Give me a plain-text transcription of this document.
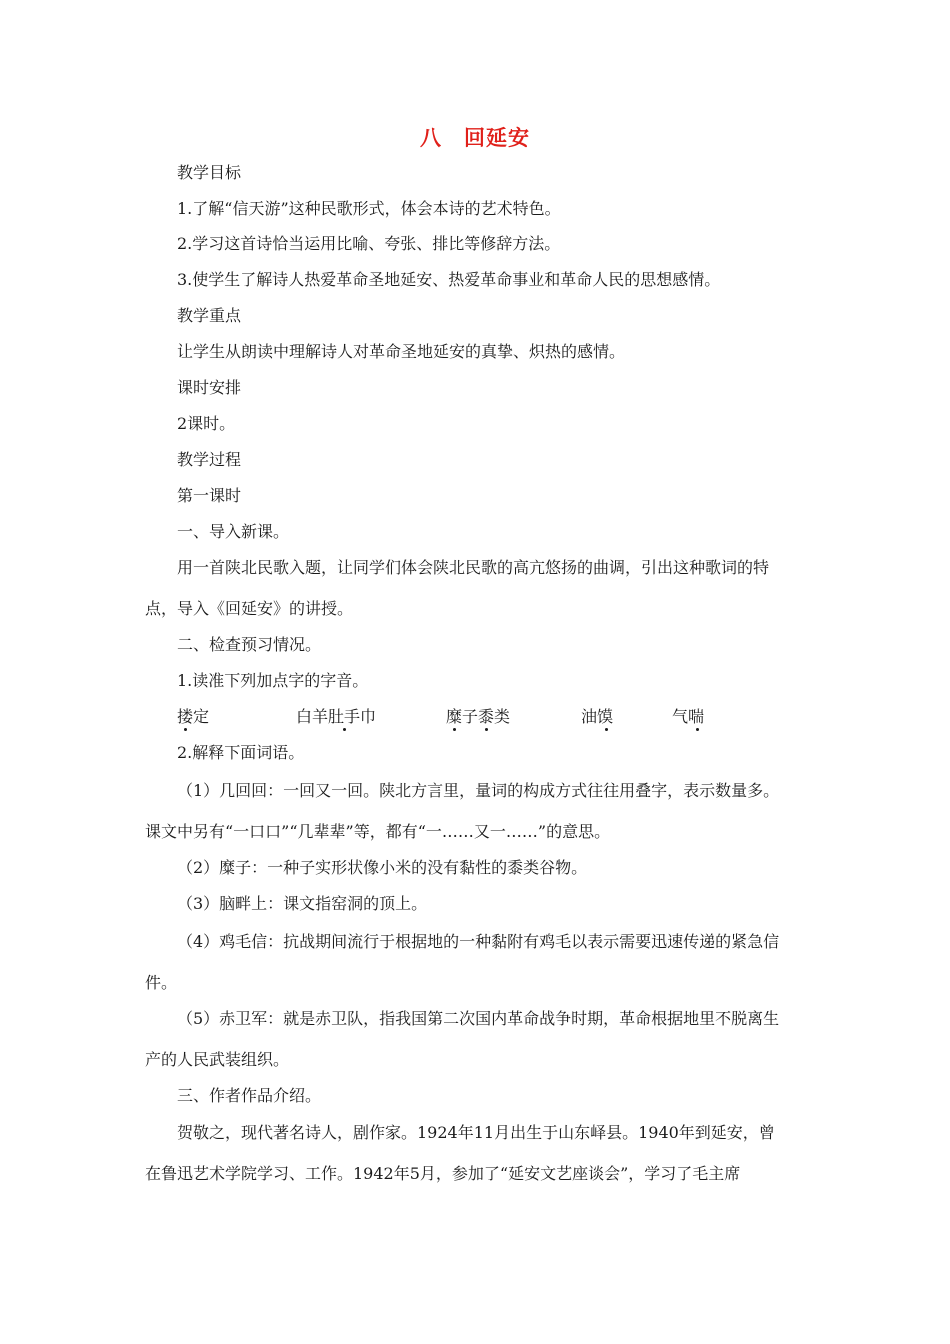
八　回延安
教学目标
1.了解“信天游”这种民歌形式，体会本诗的艺术特色。
2.学习这首诗恰当运用比喻、夸张、排比等修辞方法。
3.使学生了解诗人热爱革命圣地延安、热爱革命事业和革命人民的思想感情。
教学重点
让学生从朗读中理解诗人对革命圣地延安的真挚、炽热的感情。
课时安排
2课时。
教学过程
第一课时
一、导入新课。
用一首陕北民歌入题，让同学们体会陕北民歌的高亢悠扬的曲调，引出这种歌词的特
点，导入《回延安》的讲授。
二、检查预习情况。
1.读准下列加点字的字音。
搂定	白羊肚手巾	糜子黍类	油馍	气喘
2.解释下面词语。
（1）几回回：一回又一回。陕北方言里，量词的构成方式往往用叠字，表示数量多。
课文中另有“一口口”“几辈辈”等，都有“一……又一……”的意思。
（2）糜子：一种子实形状像小米的没有黏性的黍类谷物。
（3）脑畔上：课文指窑洞的顶上。
（4）鸡毛信：抗战期间流行于根据地的一种黏附有鸡毛以表示需要迅速传递的紧急信
件。
（5）赤卫军：就是赤卫队，指我国第二次国内革命战争时期，革命根据地里不脱离生
产的人民武装组织。
三、作者作品介绍。
贺敬之，现代著名诗人，剧作家。1924年11月出生于山东峄县。1940年到延安，曾
在鲁迅艺术学院学习、工作。1942年5月，参加了“延安文艺座谈会”，学习了毛主席
